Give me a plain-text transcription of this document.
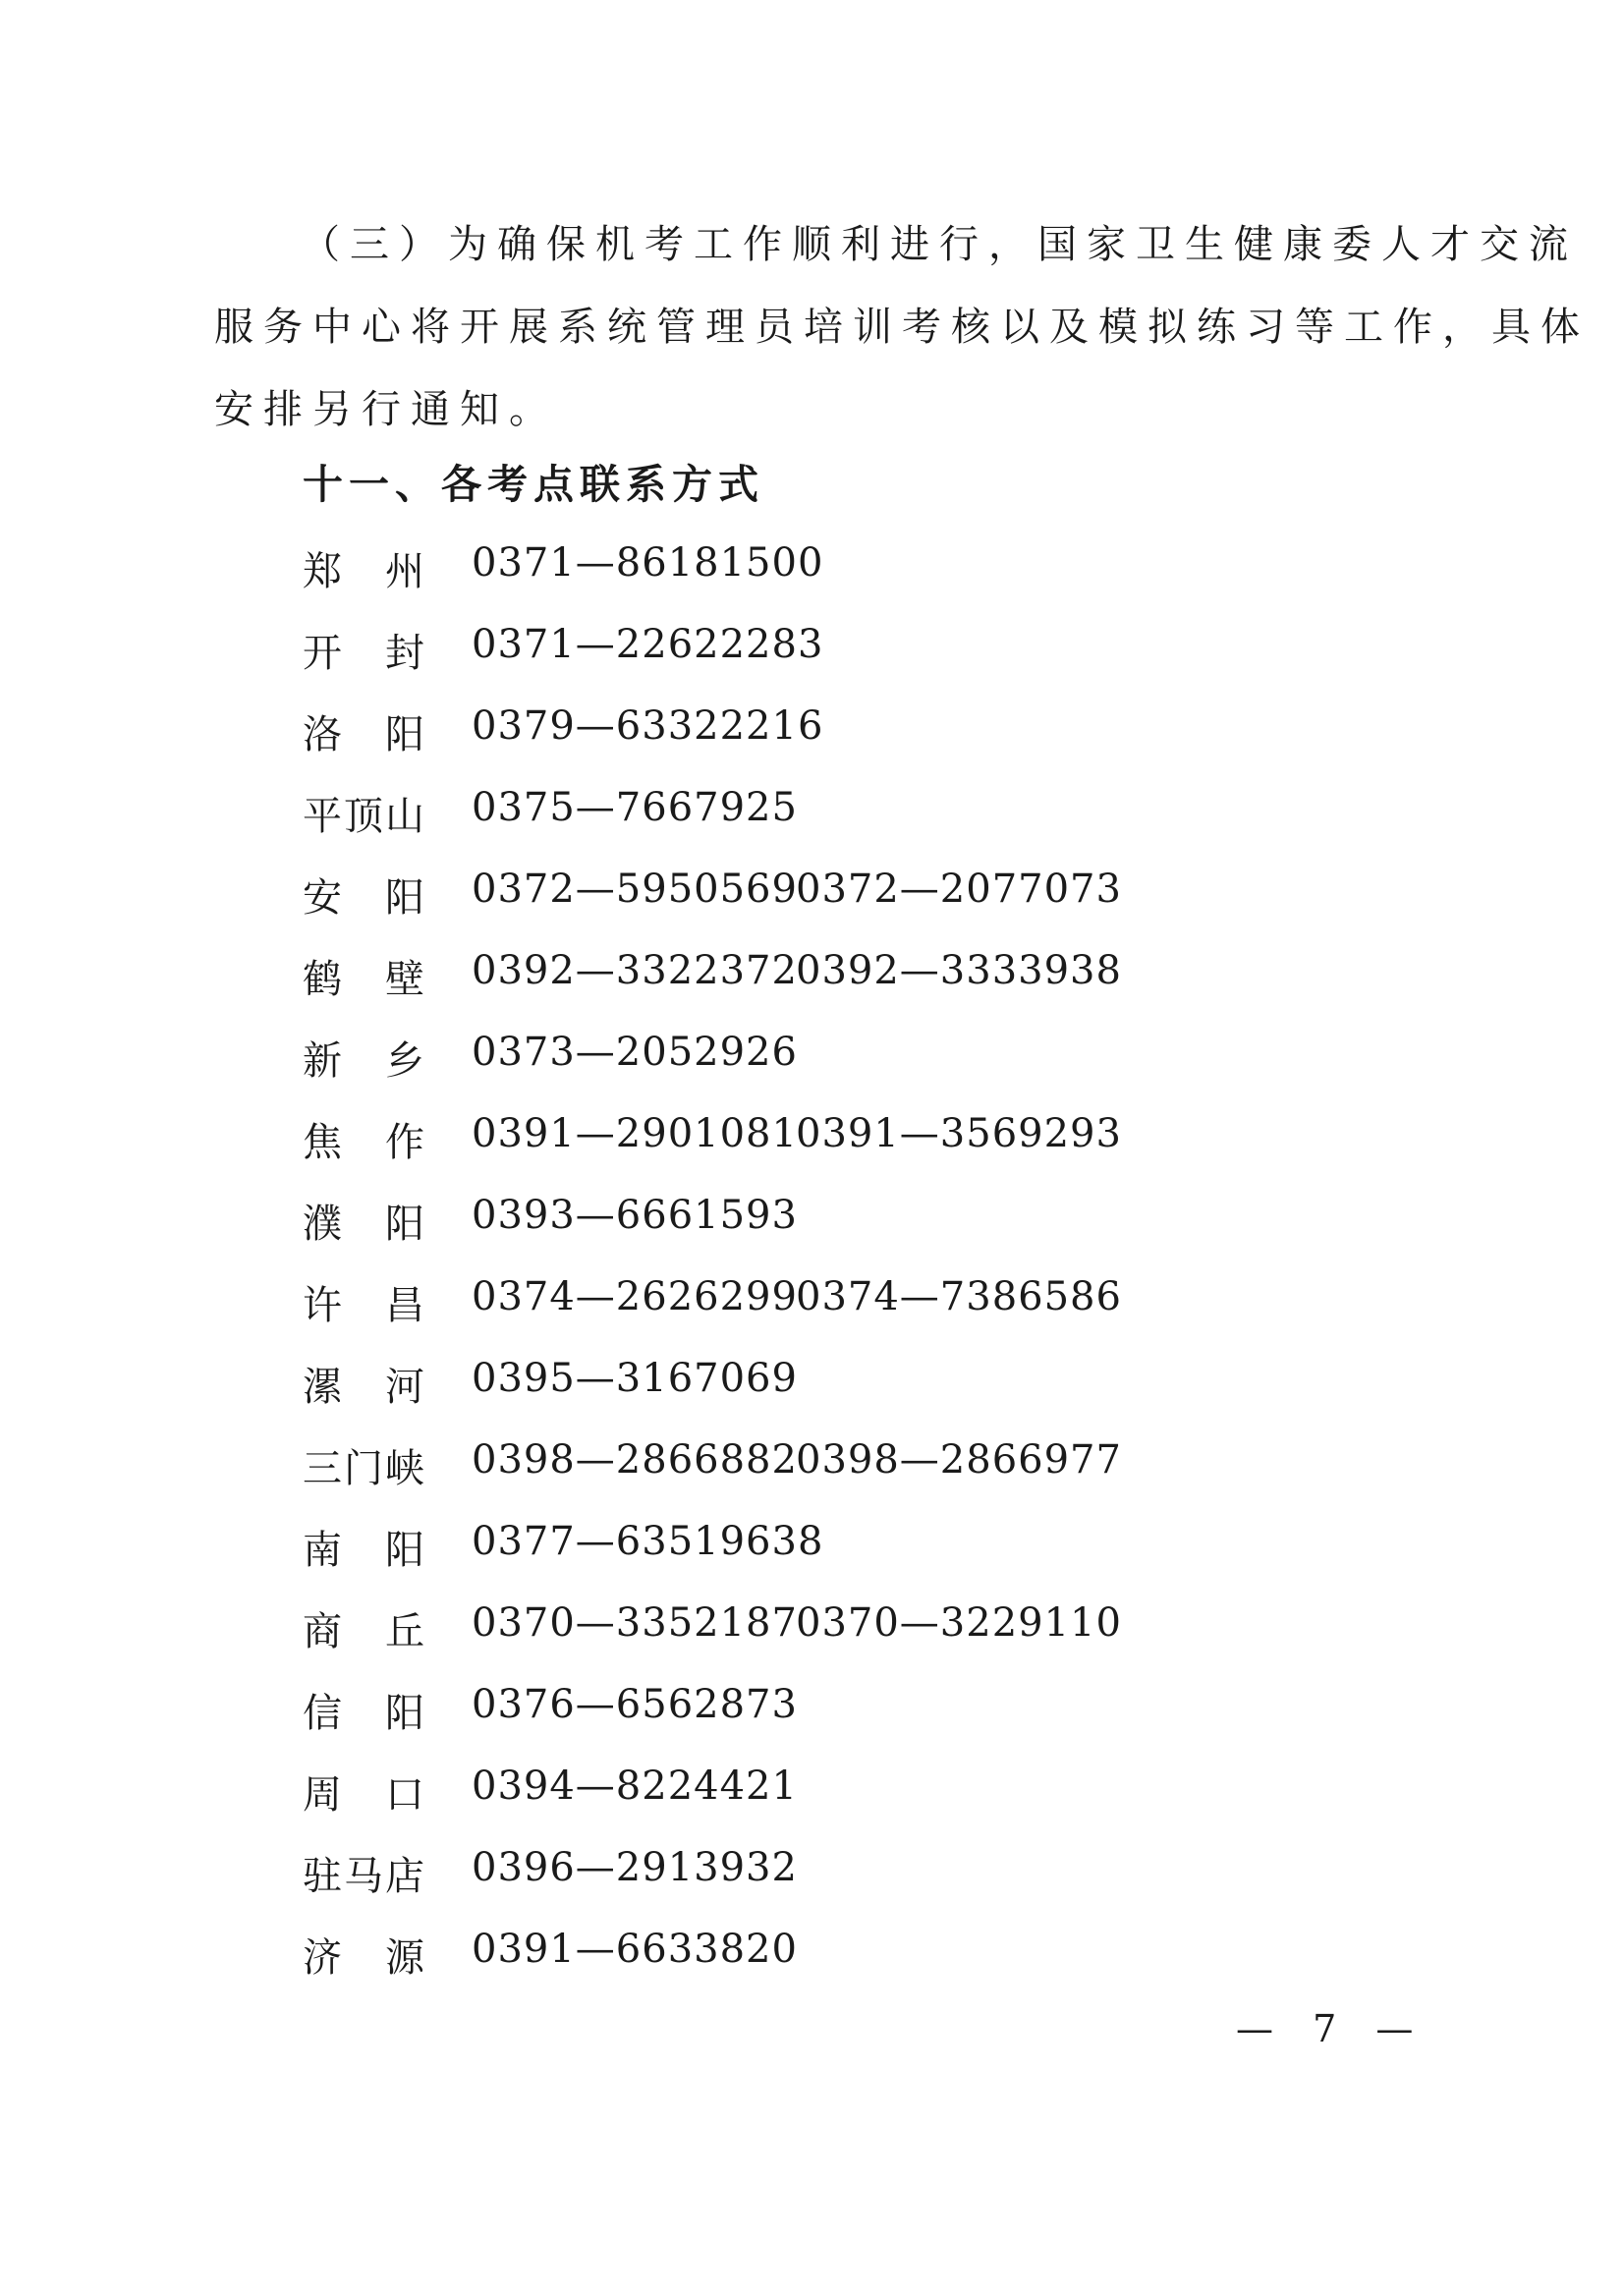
（三）为确保机考工作顺利进行，国家卫生健康委人才交流
服务中心将开展系统管理员培训考核以及模拟练习等工作，具体
安排另行通知。
十一、各考点联系方式
郑 州 0371—86181500
开 封 0371—22622283
洛 阳 0379—63322216
平 顶 山 0375—7667925
安 阳 0372—5950569
0372—2077073
鹤 壁 0392—3322372
0392—3333938
新 乡 0373—2052926
焦 作 0391—2901081
0391—3569293
濮 阳 0393—6661593
许 昌 0374—2626299
0374—7386586
漯 河 0395—3167069
三 门 峡 0398—2866882
0398—2866977
南 阳 0377—63519638
商 丘 0370—3352187
0370—3229110
信 阳 0376—6562873
周 口 0394—8224421
驻 马 店 0396—2913932
济 源 0391—6633820
— 7 —
